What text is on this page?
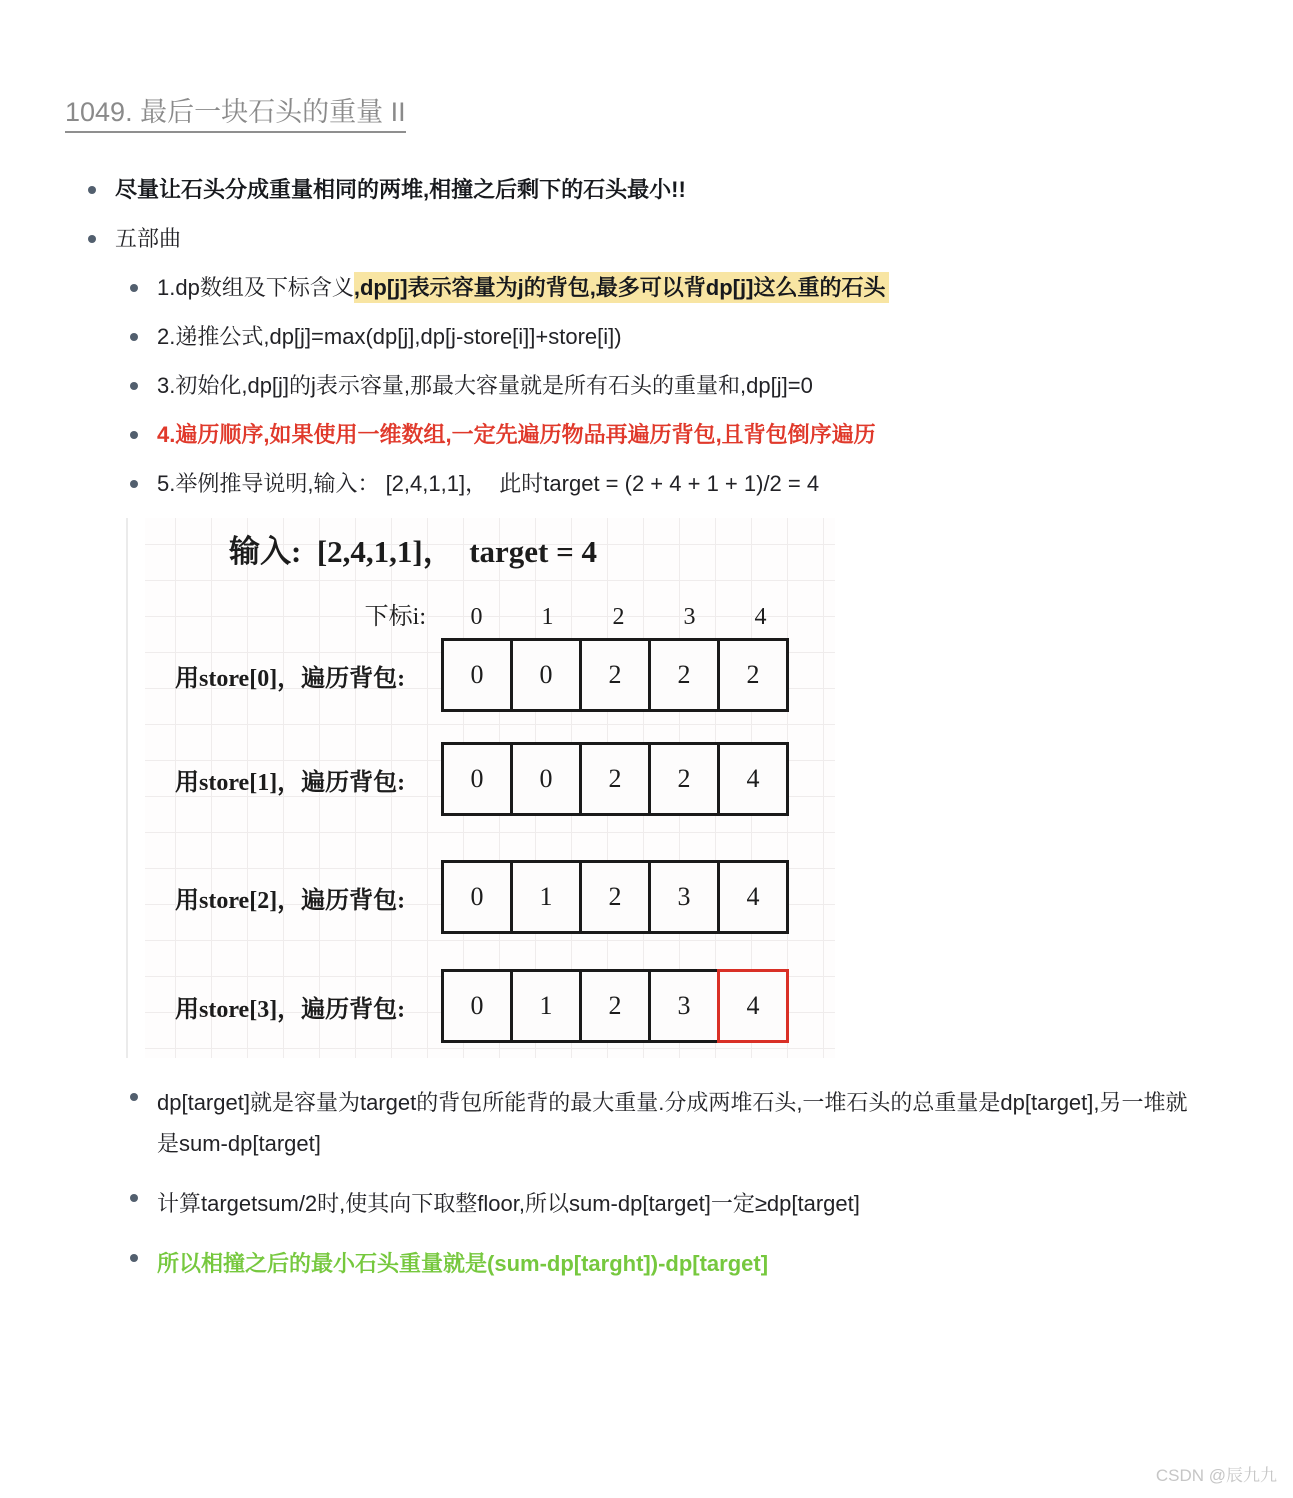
1049. 最后一块石头的重量 II
尽量让石头分成重量相同的两堆,相撞之后剩下的石头最小!!
五部曲
1.dp数组及下标含义,dp[j]表示容量为j的背包,最多可以背dp[j]这么重的石头
2.递推公式,dp[j]=max(dp[j],dp[j-store[i]]+store[i])
3.初始化,dp[j]的j表示容量,那最大容量就是所有石头的重量和,dp[j]=0
4.遍历顺序,如果使用一维数组,一定先遍历物品再遍历背包,且背包倒序遍历
5.举例推导说明,输入： [2,4,1,1]，  此时target = (2 + 4 + 1 + 1)/2 = 4
输入:  [2,4,1,1]，  target = 4
下标i:	0	1	2	3	4
用store[0]，遍历背包:	0	0	2	2	2
用store[1]，遍历背包:	0	0	2	2	4
用store[2]，遍历背包:	0	1	2	3	4
用store[3]，遍历背包:	0	1	2	3	4
dp[target]就是容量为target的背包所能背的最大重量.分成两堆石头,一堆石头的总重量是dp[target],另一堆就是sum-dp[target]
计算targetsum/2时,使其向下取整floor,所以sum-dp[target]一定≥dp[target]
所以相撞之后的最小石头重量就是(sum-dp[targht])-dp[target]
CSDN @辰九九
